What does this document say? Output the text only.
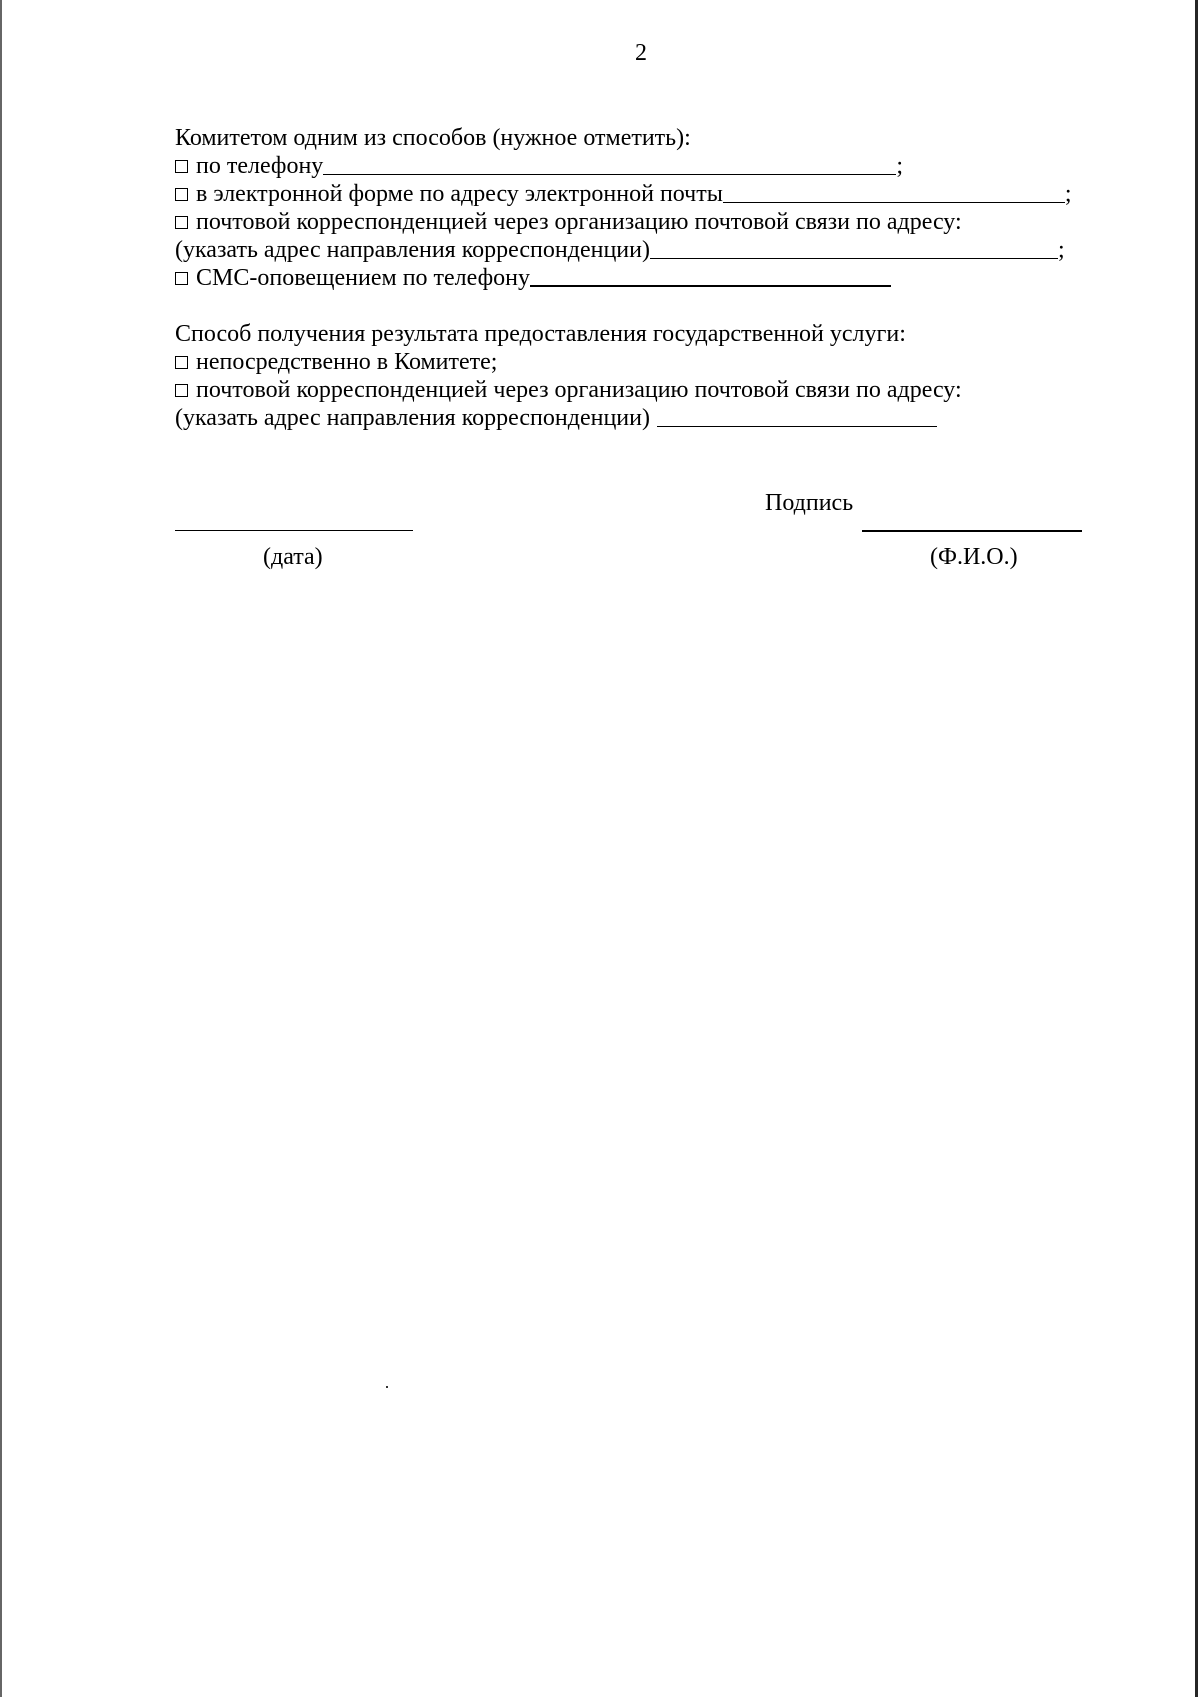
2
Комитетом одним из способов (нужное отметить):
по телефону	;
в электронной форме по адресу электронной почты	;
почтовой корреспонденцией через организацию почтовой связи по адресу:
(указать адрес направления корреспонденции)	;
СМС-оповещением по телефону
Способ получения результата предоставления государственной услуги:
непосредственно в Комитете;
почтовой корреспонденцией через организацию почтовой связи по адресу:
(указать адрес направления корреспонденции)
Подпись
(дата)	(Ф.И.О.)
